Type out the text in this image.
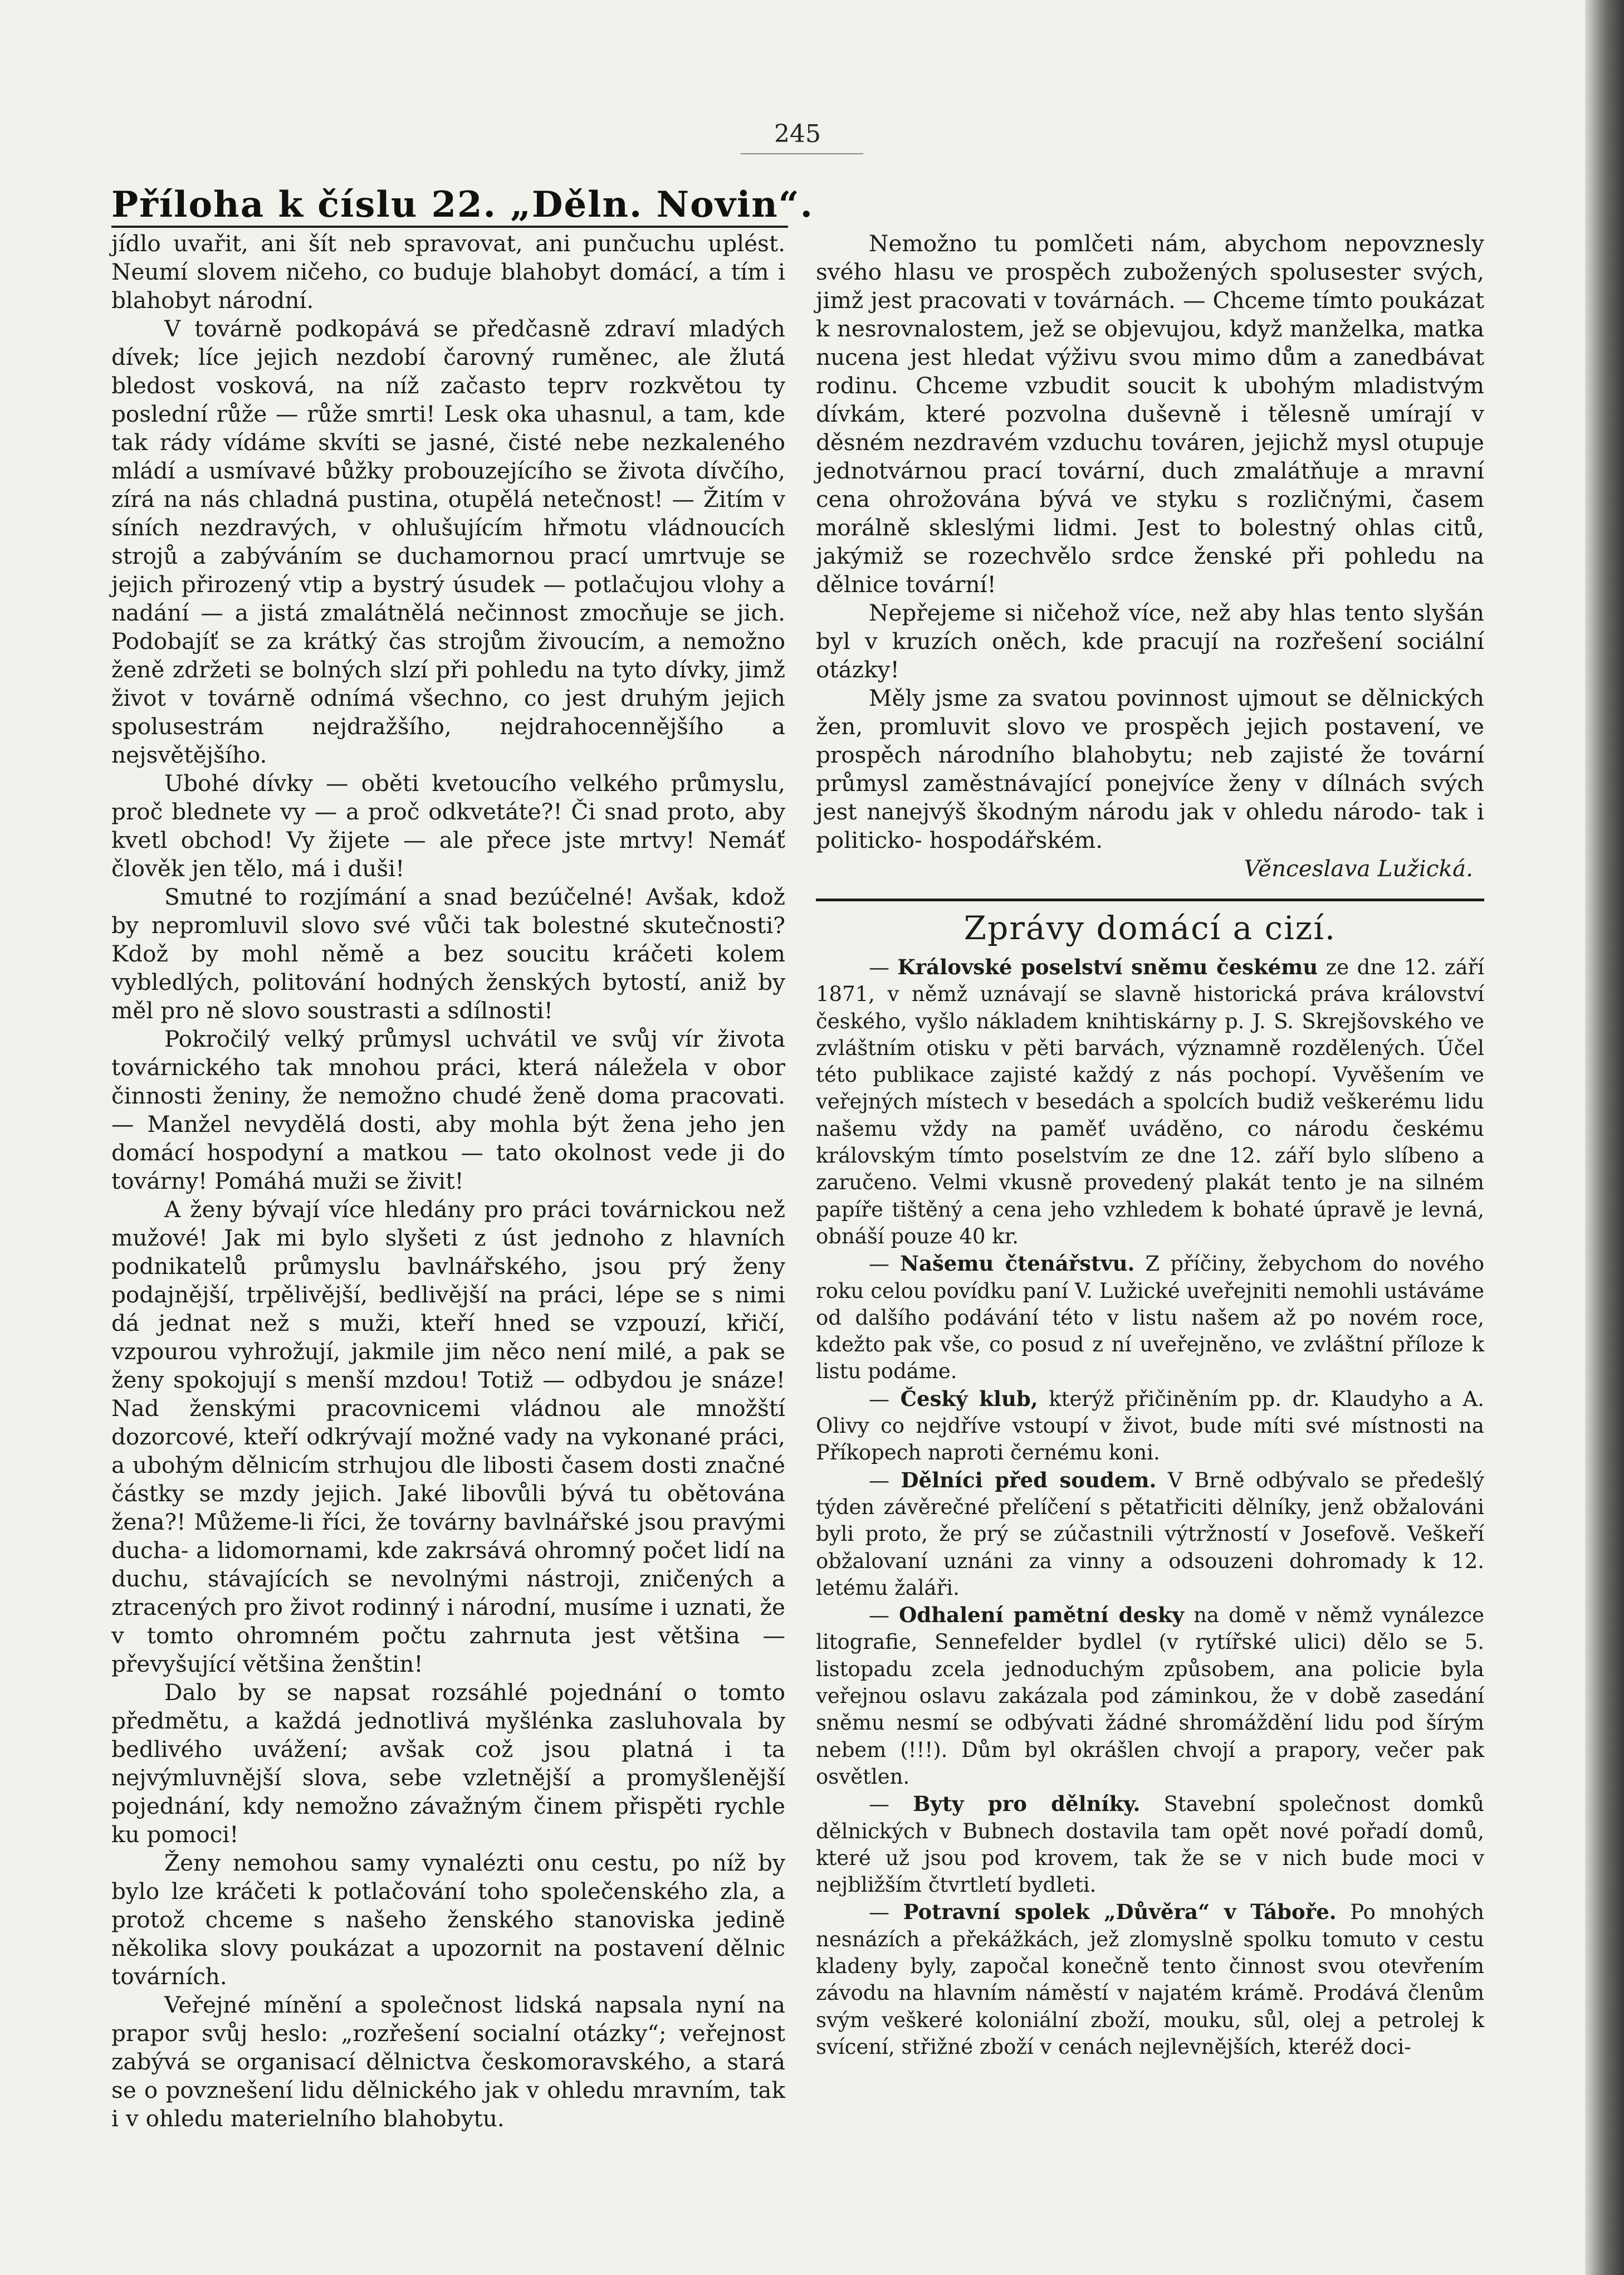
245
Příloha k číslu 22. „Děln. Novin“.

jídlo uvařit, ani šít neb spravovat, ani punčuchu uplést. Neumí slovem ničeho, co buduje blahobyt domácí, a tím i blahobyt národní.

V továrně podkopává se předčasně zdraví mladých dívek; líce jejich nezdobí čarovný ruměnec, ale žlutá bledost vosková, na níž začasto teprv rozkvětou ty poslední růže — růže smrti! Lesk oka uhasnul, a tam, kde tak rády vídáme skvíti se jasné, čisté nebe nezkaleného mládí a usmívavé bůžky probouzejícího se života dívčího, zírá na nás chladná pustina, otupělá netečnost! — Žitím v síních nezdravých, v ohlušujícím hřmotu vládnoucích strojů a zabýváním se duchamornou prací umrtvuje se jejich přirozený vtip a bystrý úsudek — potlačujou vlohy a nadání — a jistá zmalátnělá nečinnost zmocňuje se jich. Podobajíť se za krátký čas strojům živoucím, a nemožno ženě zdržeti se bolných slzí při pohledu na tyto dívky, jimž život v továrně odnímá všechno, co jest druhým jejich spolusestrám nejdražšího, nejdrahocennějšího a nejsvětějšího.

Ubohé dívky — oběti kvetoucího velkého průmyslu, proč blednete vy — a proč odkvetáte?! Či snad proto, aby kvetl obchod! Vy žijete — ale přece jste mrtvy! Nemáť člověk jen tělo, má i duši!

Smutné to rozjímání a snad bezúčelné! Avšak, kdož by nepromluvil slovo své vůči tak bolestné skutečnosti? Kdož by mohl němě a bez soucitu kráčeti kolem vybledlých, politování hodných ženských bytostí, aniž by měl pro ně slovo soustrasti a sdílnosti!

Pokročilý velký průmysl uchvátil ve svůj vír života továrnického tak mnohou práci, která náležela v obor činnosti ženiny, že nemožno chudé ženě doma pracovati. — Manžel nevydělá dosti, aby mohla být žena jeho jen domácí hospodyní a matkou — tato okolnost vede ji do továrny! Pomáhá muži se živit!

A ženy bývají více hledány pro práci továrnickou než mužové! Jak mi bylo slyšeti z úst jednoho z hlavních podnikatelů průmyslu bavlnářského, jsou prý ženy podajnější, trpělivější, bedlivější na práci, lépe se s nimi dá jednat než s muži, kteří hned se vzpouzí, křičí, vzpourou vyhrožují, jakmile jim něco není milé, a pak se ženy spokojují s menší mzdou! Totiž — odbydou je snáze! Nad ženskými pracovnicemi vládnou ale množští dozorcové, kteří odkrývají možné vady na vykonané práci, a ubohým dělnicím strhujou dle libosti časem dosti značné částky se mzdy jejich. Jaké libovůli bývá tu obětována žena?! Můžeme-li říci, že továrny bavlnářské jsou pravými ducha- a lidomornami, kde zakrsává ohromný počet lidí na duchu, stávajících se nevolnými nástroji, zničených a ztracených pro život rodinný i národní, musíme i uznati, že v tomto ohromném počtu zahrnuta jest většina — převyšující většina ženštin!

Dalo by se napsat rozsáhlé pojednání o tomto předmětu, a každá jednotlivá myšlénka zasluhovala by bedlivého uvážení; avšak což jsou platná i ta nejvýmluvnější slova, sebe vzletnější a promyšlenější pojednání, kdy nemožno závažným činem přispěti rychle ku pomoci!

Ženy nemohou samy vynalézti onu cestu, po níž by bylo lze kráčeti k potlačování toho společenského zla, a protož chceme s našeho ženského stanoviska jedině několika slovy poukázat a upozornit na postavení dělnic továrních.

Veřejné mínění a společnost lidská napsala nyní na prapor svůj heslo: „rozřešení socialní otázky“; veřejnost zabývá se organisací dělnictva českomoravského, a stará se o povznešení lidu dělnického jak v ohledu mravním, tak i v ohledu materielního blahobytu.

Nemožno tu pomlčeti nám, abychom nepovznesly svého hlasu ve prospěch zubožených spolusester svých, jimž jest pracovati v továrnách. — Chceme tímto poukázat k nesrovnalostem, jež se objevujou, když manželka, matka nucena jest hledat výživu svou mimo dům a zanedbávat rodinu. Chceme vzbudit soucit k ubohým mladistvým dívkám, které pozvolna duševně i tělesně umírají v děsném nezdravém vzduchu továren, jejichž mysl otupuje jednotvárnou prací tovární, duch zmalátňuje a mravní cena ohrožována bývá ve styku s rozličnými, časem morálně skleslými lidmi. Jest to bolestný ohlas citů, jakýmiž se rozechvělo srdce ženské při pohledu na dělnice tovární!

Nepřejeme si ničehož více, než aby hlas tento slyšán byl v kruzích oněch, kde pracují na rozřešení sociální otázky!

Měly jsme za svatou povinnost ujmout se dělnických žen, promluvit slovo ve prospěch jejich postavení, ve prospěch národního blahobytu; neb zajisté že tovární průmysl zaměstnávající ponejvíce ženy v dílnách svých jest nanejvýš škodným národu jak v ohledu národo- tak i politicko- hospodářském.

Věnceslava Lužická.

Zprávy domácí a cizí.

— Královské poselství sněmu českému ze dne 12. září 1871, v němž uznávají se slavně historická práva království českého, vyšlo nákladem knihtiskárny p. J. S. Skrejšovského ve zvláštním otisku v pěti barvách, významně rozdělených. Účel této publikace zajisté každý z nás pochopí. Vyvěšením ve veřejných místech v besedách a spolcích budiž veškerému lidu našemu vždy na paměť uváděno, co národu českému královským tímto poselstvím ze dne 12. září bylo slíbeno a zaručeno. Velmi vkusně provedený plakát tento je na silném papíře tištěný a cena jeho vzhledem k bohaté úpravě je levná, obnáší pouze 40 kr.

— Našemu čtenářstvu. Z příčiny, žebychom do nového roku celou povídku paní V. Lužické uveřejniti nemohli ustáváme od dalšího podávání této v listu našem až po novém roce, kdežto pak vše, co posud z ní uveřejněno, ve zvláštní příloze k listu podáme.

— Český klub, kterýž přičiněním pp. dr. Klaudyho a A. Olivy co nejdříve vstoupí v život, bude míti své místnosti na Příkopech naproti černému koni.

— Dělníci před soudem. V Brně odbývalo se předešlý týden závěrečné přelíčení s pětatřiciti dělníky, jenž obžalováni byli proto, že prý se zúčastnili výtržností v Josefově. Veškeří obžalovaní uznáni za vinny a odsouzeni dohromady k 12. letému žaláři.

— Odhalení pamětní desky na domě v němž vynálezce litografie, Sennefelder bydlel (v rytířské ulici) dělo se 5. listopadu zcela jednoduchým způsobem, ana policie byla veřejnou oslavu zakázala pod záminkou, že v době zasedání sněmu nesmí se odbývati žádné shromáždění lidu pod šírým nebem (!!!). Dům byl okrášlen chvojí a prapory, večer pak osvětlen.

— Byty pro dělníky. Stavební společnost domků dělnických v Bubnech dostavila tam opět nové pořadí domů, které už jsou pod krovem, tak že se v nich bude moci v nejbližším čtvrtletí bydleti.

— Potravní spolek „Důvěra“ v Táboře. Po mnohých nesnázích a překážkách, jež zlomyslně spolku tomuto v cestu kladeny byly, započal konečně tento činnost svou otevřením závodu na hlavním náměstí v najatém krámě. Prodává členům svým veškeré koloniální zboží, mouku, sůl, olej a petrolej k svícení, střižné zboží v cenách nejlevnějších, kteréž doci-
